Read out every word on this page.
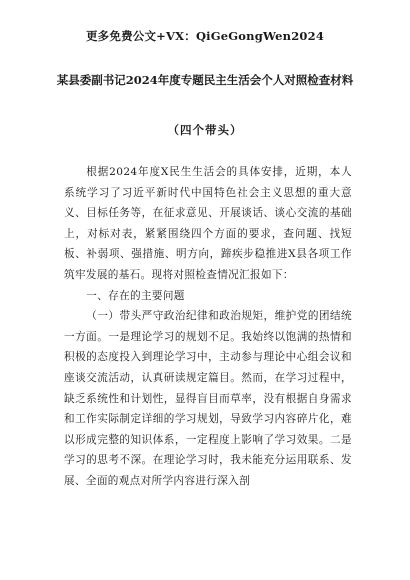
更多免费公文+VX：QiGeGongWen2024
某县委副书记2024年度专题民主生活会个人对照检查材料
（四个带头）

根据2024年度X民生生活会的具体安排，近期，本人系统学习了习近平新时代中国特色社会主义思想的重大意义、目标任务等，在征求意见、开展谈话、谈心交流的基础上，对标对表，紧紧围绕四个方面的要求，查问题、找短板、补弱项、强措施、明方向，蹄疾步稳推进X县各项工作筑牢发展的基石。现将对照检查情况汇报如下：

一、存在的主要问题

（一）带头严守政治纪律和政治规矩，维护党的团结统一方面。一是理论学习的规划不足。我始终以饱满的热情和积极的态度投入到理论学习中，主动参与理论中心组会议和座谈交流活动，认真研读规定篇目。然而，在学习过程中，缺乏系统性和计划性，显得盲目而草率，没有根据自身需求和工作实际制定详细的学习规划，导致学习内容碎片化，难以形成完整的知识体系，一定程度上影响了学习效果。二是学习的思考不深。在理论学习时，我未能充分运用联系、发展、全面的观点对所学内容进行深入剖
